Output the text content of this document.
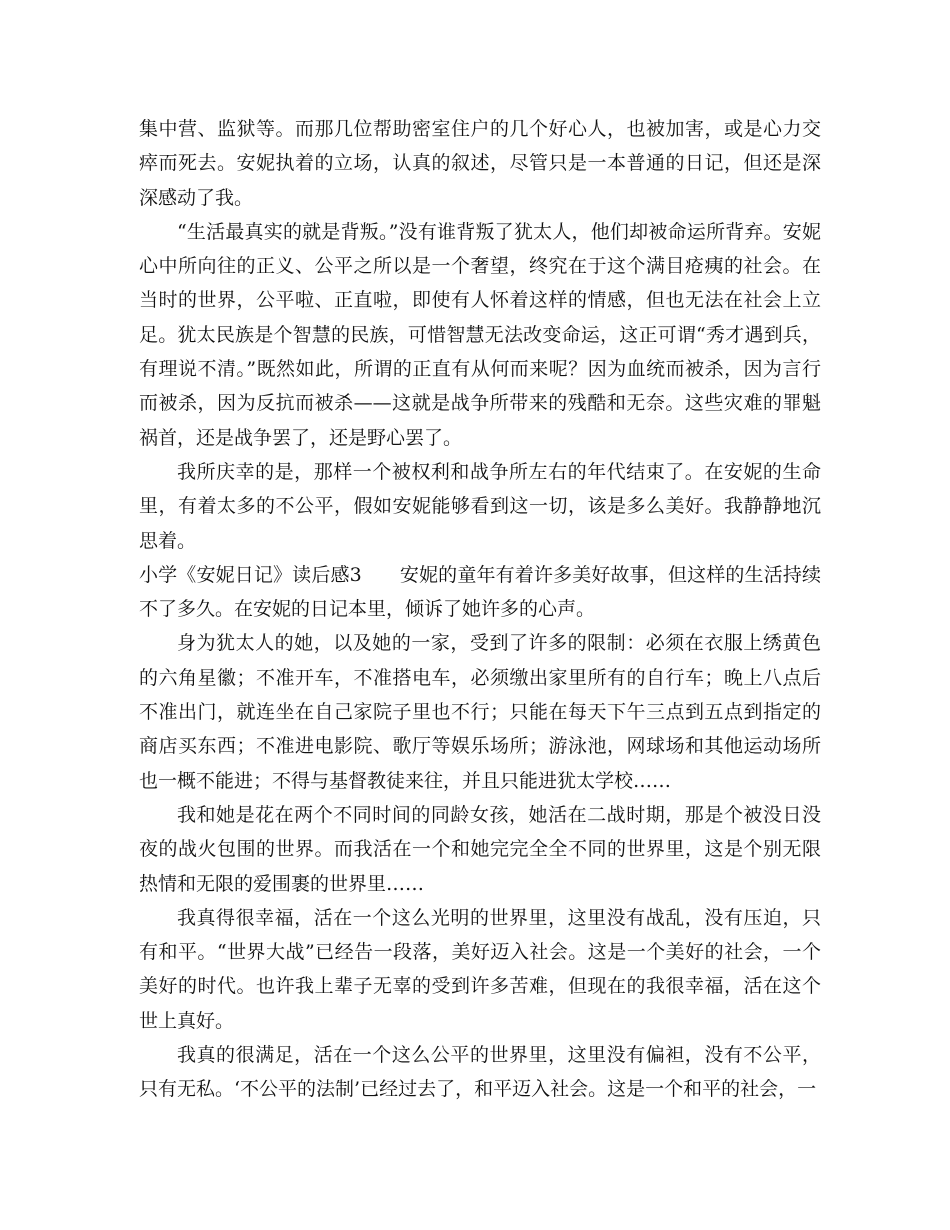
集中营、监狱等。而那几位帮助密室住户的几个好心人，也被加害，或是心力交瘁而死去。安妮执着的立场，认真的叙述，尽管只是一本普通的日记，但还是深深感动了我。

“生活最真实的就是背叛。”没有谁背叛了犹太人，他们却被命运所背弃。安妮心中所向往的正义、公平之所以是一个奢望，终究在于这个满目疮痍的社会。在当时的世界，公平啦、正直啦，即使有人怀着这样的情感，但也无法在社会上立足。犹太民族是个智慧的民族，可惜智慧无法改变命运，这正可谓“秀才遇到兵，有理说不清。”既然如此，所谓的正直有从何而来呢？因为血统而被杀，因为言行而被杀，因为反抗而被杀——这就是战争所带来的残酷和无奈。这些灾难的罪魁祸首，还是战争罢了，还是野心罢了。

我所庆幸的是，那样一个被权利和战争所左右的年代结束了。在安妮的生命里，有着太多的不公平，假如安妮能够看到这一切，该是多么美好。我静静地沉思着。

小学《安妮日记》读后感3 安妮的童年有着许多美好故事，但这样的生活持续不了多久。在安妮的日记本里，倾诉了她许多的心声。

身为犹太人的她，以及她的一家，受到了许多的限制：必须在衣服上绣黄色的六角星徽；不准开车，不准搭电车，必须缴出家里所有的自行车；晚上八点后不准出门，就连坐在自己家院子里也不行；只能在每天下午三点到五点到指定的商店买东西；不准进电影院、歌厅等娱乐场所；游泳池，网球场和其他运动场所也一概不能进；不得与基督教徒来往，并且只能进犹太学校……

我和她是花在两个不同时间的同龄女孩，她活在二战时期，那是个被没日没夜的战火包围的世界。而我活在一个和她完完全全不同的世界里，这是个别无限热情和无限的爱围裹的世界里……

我真得很幸福，活在一个这么光明的世界里，这里没有战乱，没有压迫，只有和平。“世界大战”已经告一段落，美好迈入社会。这是一个美好的社会，一个美好的时代。也许我上辈子无辜的受到许多苦难，但现在的我很幸福，活在这个世上真好。

我真的很满足，活在一个这么公平的世界里，这里没有偏袒，没有不公平，只有无私。‘不公平的法制’已经过去了，和平迈入社会。这是一个和平的社会，一
